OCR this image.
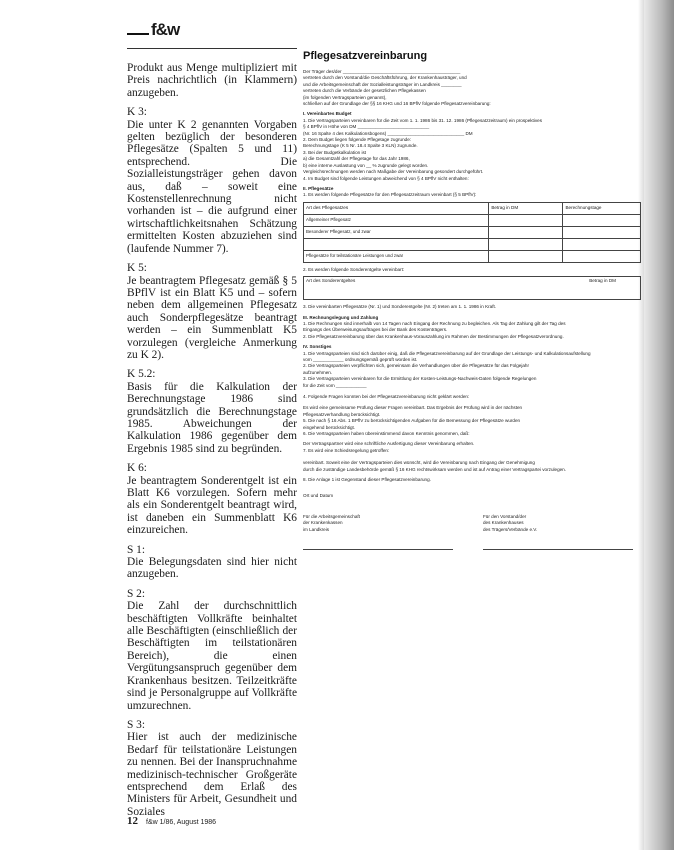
f&w

Produkt aus Menge multipliziert mit Preis nachrichtlich (in Klammern) anzugeben.

K 3:
Die unter K 2 genannten Vorgaben gelten bezüglich der besonderen Pflegesätze (Spalten 5 und 11) entsprechend. Die Sozialleistungsträger gehen davon aus, daß – soweit eine Kostenstellenrechnung nicht vorhanden ist – die aufgrund einer wirtschaftlichkeitsnahen Schätzung ermittelten Kosten abzuziehen sind (laufende Nummer 7).

K 5:
Je beantragtem Pflegesatz gemäß § 5 BPflV ist ein Blatt K5 und – sofern neben dem allgemeinen Pflegesatz auch Sonderpflegesätze beantragt werden – ein Summenblatt K5 vorzulegen (vergleiche Anmerkung zu K 2).

K 5.2:
Basis für die Kalkulation der Berechnungstage 1986 sind grundsätzlich die Berechnungstage 1985. Abweichungen der Kalkulation 1986 gegenüber dem Ergebnis 1985 sind zu begründen.

K 6:
Je beantragtem Sonderentgelt ist ein Blatt K6 vorzulegen. Sofern mehr als ein Sonderentgelt beantragt wird, ist daneben ein Summenblatt K6 einzureichen.

S 1:
Die Belegungsdaten sind hier nicht anzugeben.

S 2:
Die Zahl der durchschnittlich beschäftigten Vollkräfte beinhaltet alle Beschäftigten (einschließlich der Beschäftigten im teilstationären Bereich), die einen Vergütungsanspruch gegenüber dem Krankenhaus besitzen. Teilzeitkräfte sind je Personalgruppe auf Vollkräfte umzurechnen.

S 3:
Hier ist auch der medizinische Bedarf für teilstationäre Leistungen zu nennen. Bei der Inanspruchnahme medizinisch-technischer Großgeräte entsprechend dem Erlaß des Ministers für Arbeit, Gesundheit und Soziales

12 f&w 1/86, August 1986
Pflegesatzvereinbarung
Der Träger des/der ______________________________________________
vertreten durch den Vorstand/die Geschäftsführung, der Krankenhausträger, und
und die Arbeitsgemeinschaft der Sozialleistungsträger im Landkreis ________
vertreten durch die Verbände der gesetzlichen Pflegekassen
(im folgenden Vertragsparteien genannt),
schließen auf der Grundlage der §§ 16 KHG und 16 BPflV folgende Pflegesatzvereinbarung:
I. Vereinbartes Budget
1. Die Vertragsparteien vereinbaren für die Zeit vom 1. 1. 1986 bis 31. 12. 1986 (Pflegesatzzeitraum) ein prospektives
§ 4 BPflV in Höhe von DM ____________________________
(Nr. 16 Spalte 4 des Kalkulationsbogens) ______________________________ DM
2. Dem Budget liegen folgende Pflegetage zugrunde:
Berechnungstage (K 5 Nr. 18.4 Spalte 3 KLN) zugrunde.
3. Bei der Budgetkalkulation ist
a) die Gesamtzahl der Pflegetage für das Jahr 1986,
b) eine interne Auslastung von __ % zugrunde gelegt worden.
Vergleichsrechnungen werden nach Maßgabe der Vereinbarung gesondert durchgeführt.
4. Im Budget sind folgende Leistungen abweichend von § 4 BPflV nicht enthalten:
II. Pflegesätze
1. Es werden folgende Pflegesätze für den Pflegesatzzeitraum vereinbart (§ 5 BPflV):
Art des Pflegesatzes	Betrag in DM	Berechnungstage
Allgemeiner Pflegesatz		
Besonderer Pflegesatz, und zwar		

Pflegesätze für teilstationäre Leistungen und zwar		
2. Es werden folgende Sonderentgelte vereinbart:
Art des Sonderentgeltes	Betrag in DM
3. Die vereinbarten Pflegesätze (Nr. 1) und Sonderentgelte (Nr. 2) treten am 1. 1. 1986 in Kraft.
III. Rechnungslegung und Zahlung
1. Die Rechnungen sind innerhalb von 14 Tagen nach Eingang der Rechnung zu begleichen. Als Tag der Zahlung gilt der Tag des
Eingangs des Überweisungsauftrages bei der Bank des Kostenträgers.
2. Die Pflegesatzvereinbarung über das Krankenhaus-Vorauszahlung im Rahmen der Bestimmungen der Pflegesatzverordnung.
IV. Sonstiges
1. Die Vertragsparteien sind sich darüber einig, daß die Pflegesatzvereinbarung auf der Grundlage der Leistungs- und Kalkulationsaufstellung
vom ____________ ordnungsgemäß geprüft worden ist.
2. Die Vertragsparteien verpflichten sich, gemeinsam die Verhandlungen über die Pflegesätze für das Folgejahr
aufzunehmen.
3. Die Vertragsparteien vereinbaren für die Ermittlung der Kosten-Leistungs-Nachweis-Daten folgende Regelungen
für die Zeit vom ____________
4. Folgende Fragen konnten bei der Pflegesatzvereinbarung nicht geklärt werden:
Es wird eine gemeinsame Prüfung dieser Fragen vereinbart. Das Ergebnis der Prüfung wird in der nächsten
Pflegesatzverhandlung berücksichtigt.
5. Die nach § 16 Abs. 1 BPflV zu berücksichtigenden Aufgaben für die Bemessung der Pflegesätze wurden
eingehend berücksichtigt.
6. Die Vertragsparteien haben übereinstimmend davon Kenntnis genommen, daß:
Der Vertragspartner wird eine schriftliche Ausfertigung dieser Vereinbarung erhalten.
7. Es wird eine Schiedsregelung getroffen:
vereinbart. Soweit eine der Vertragsparteien dies wünscht, wird die Vereinbarung nach Eingang der Genehmigung
durch die zuständige Landesbehörde gemäß § 16 KHG rechtswirksam werden und ist auf Antrag einer Vertragspartei vorzulegen.
8. Die Anlage 1 ist Gegenstand dieser Pflegesatzvereinbarung.
Ort und Datum
Für die Arbeitsgemeinschaft
der Krankenkassen
im Landkreis
Für den Vorstand/der
des Krankenhauses
des Trägers/Verbände e.V.
